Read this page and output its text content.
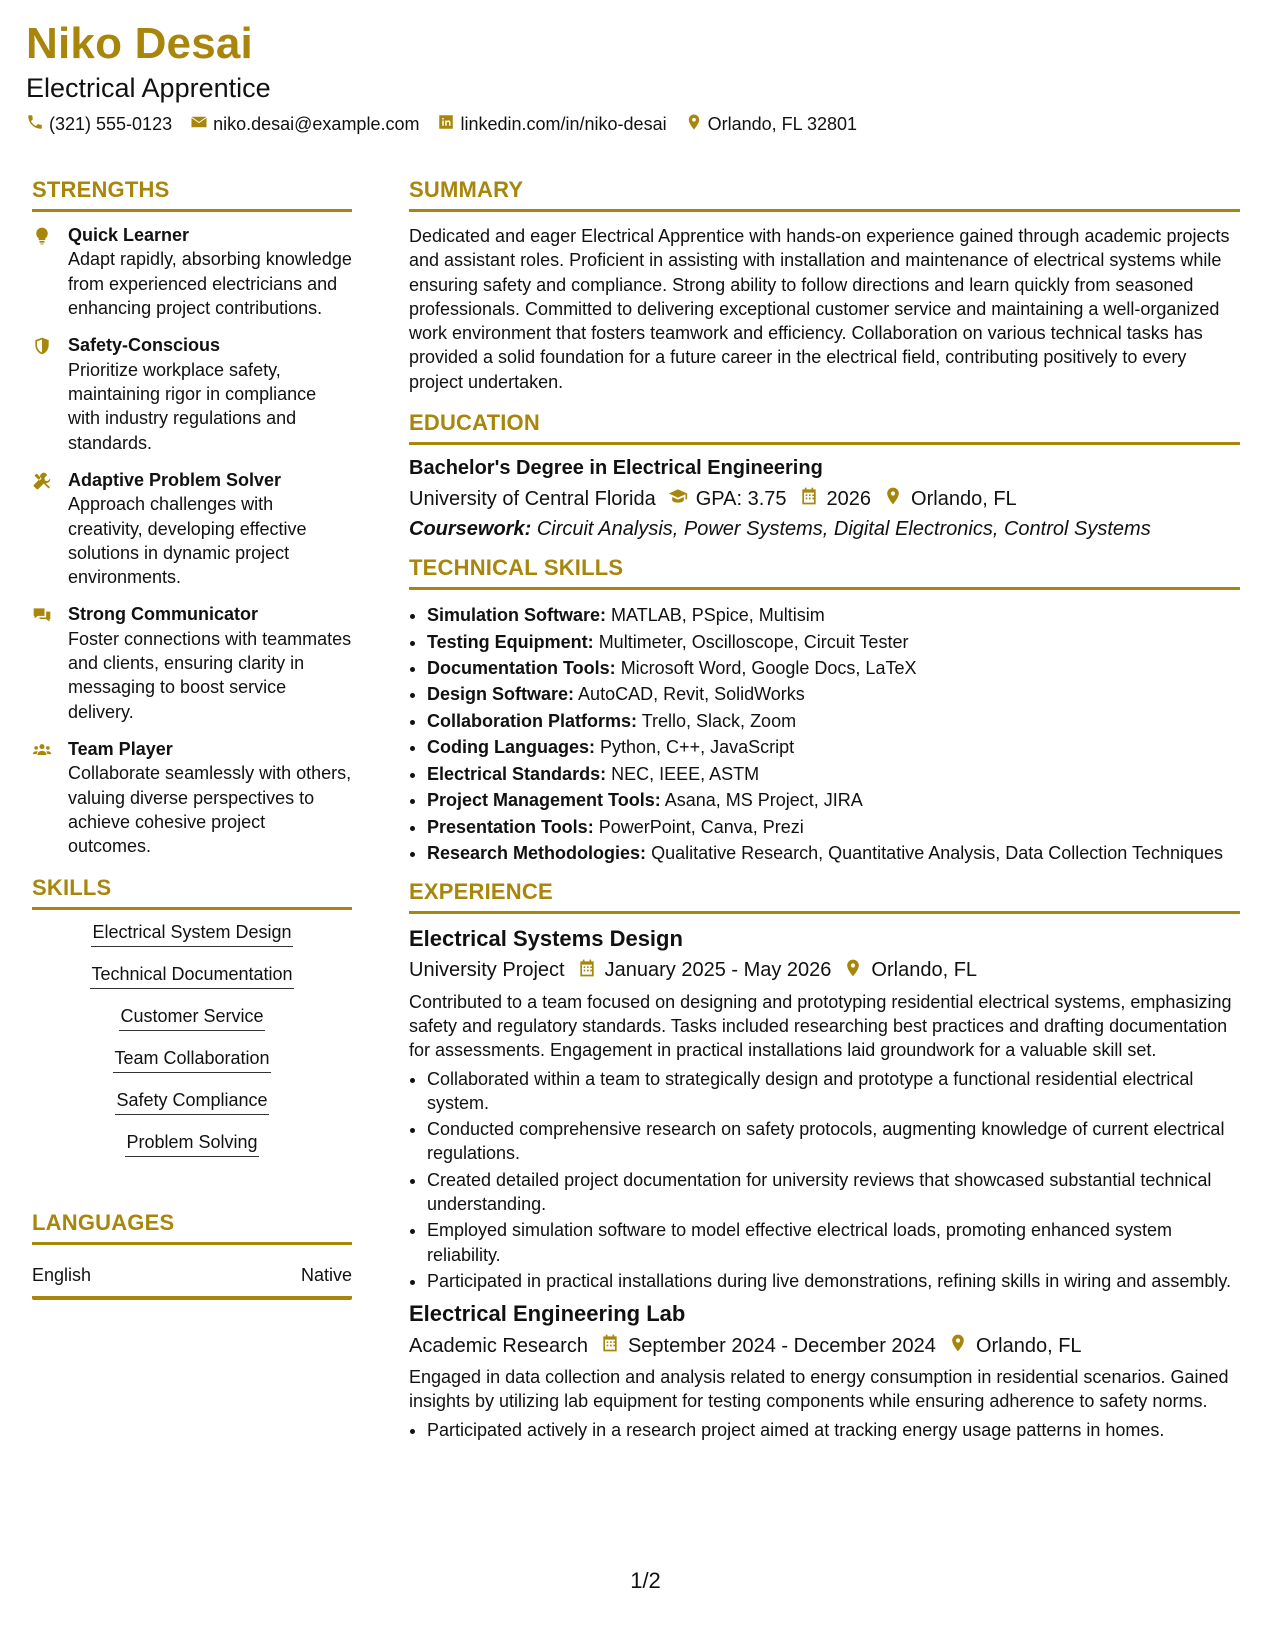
Niko Desai
Electrical Apprentice
(321) 555-0123 niko.desai@example.com linkedin.com/in/niko-desai Orlando, FL 32801
STRENGTHS
Quick Learner
Adapt rapidly, absorbing knowledge from experienced electricians and enhancing project contributions.
Safety-Conscious
Prioritize workplace safety, maintaining rigor in compliance with industry regulations and standards.
Adaptive Problem Solver
Approach challenges with creativity, developing effective solutions in dynamic project environments.
Strong Communicator
Foster connections with teammates and clients, ensuring clarity in messaging to boost service delivery.
Team Player
Collaborate seamlessly with others, valuing diverse perspectives to achieve cohesive project outcomes.
SKILLS
Electrical System Design
Technical Documentation
Customer Service
Team Collaboration
Safety Compliance
Problem Solving
LANGUAGES
English	Native
SUMMARY

Dedicated and eager Electrical Apprentice with hands-on experience gained through academic projects and assistant roles. Proficient in assisting with installation and maintenance of electrical systems while ensuring safety and compliance. Strong ability to follow directions and learn quickly from seasoned professionals. Committed to delivering exceptional customer service and maintaining a well-organized work environment that fosters teamwork and efficiency. Collaboration on various technical tasks has provided a solid foundation for a future career in the electrical field, contributing positively to every project undertaken.

EDUCATION
Bachelor's Degree in Electrical Engineering
University of Central Florida GPA: 3.75 2026 Orlando, FL
Coursework: Circuit Analysis, Power Systems, Digital Electronics, Control Systems
TECHNICAL SKILLS
• Simulation Software: MATLAB, PSpice, Multisim
• Testing Equipment: Multimeter, Oscilloscope, Circuit Tester
• Documentation Tools: Microsoft Word, Google Docs, LaTeX
• Design Software: AutoCAD, Revit, SolidWorks
• Collaboration Platforms: Trello, Slack, Zoom
• Coding Languages: Python, C++, JavaScript
• Electrical Standards: NEC, IEEE, ASTM
• Project Management Tools: Asana, MS Project, JIRA
• Presentation Tools: PowerPoint, Canva, Prezi
• Research Methodologies: Qualitative Research, Quantitative Analysis, Data Collection Techniques
EXPERIENCE
Electrical Systems Design
University Project January 2025 - May 2026 Orlando, FL

Contributed to a team focused on designing and prototyping residential electrical systems, emphasizing safety and regulatory standards. Tasks included researching best practices and drafting documentation for assessments. Engagement in practical installations laid groundwork for a valuable skill set.

• Collaborated within a team to strategically design and prototype a functional residential electrical system.
• Conducted comprehensive research on safety protocols, augmenting knowledge of current electrical regulations.
• Created detailed project documentation for university reviews that showcased substantial technical understanding.
• Employed simulation software to model effective electrical loads, promoting enhanced system reliability.
• Participated in practical installations during live demonstrations, refining skills in wiring and assembly.
Electrical Engineering Lab
Academic Research September 2024 - December 2024 Orlando, FL

Engaged in data collection and analysis related to energy consumption in residential scenarios. Gained insights by utilizing lab equipment for testing components while ensuring adherence to safety norms.

• Participated actively in a research project aimed at tracking energy usage patterns in homes.
1/2
